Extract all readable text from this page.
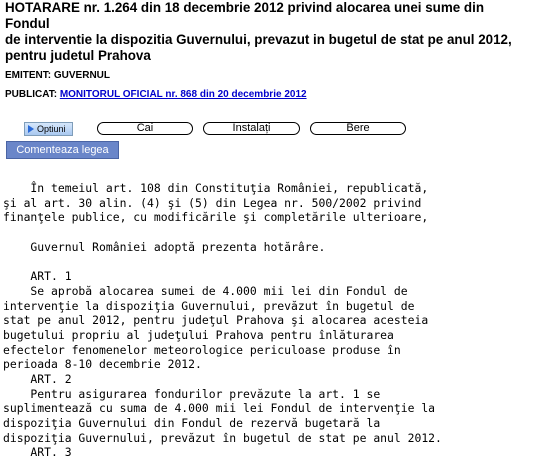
HOTARARE nr. 1.264 din 18 decembrie 2012 privind alocarea unei sume din Fondul
de interventie la dispozitia Guvernului, prevazut in bugetul de stat pe anul 2012,
pentru judetul Prahova
EMITENT: GUVERNUL
PUBLICAT: MONITORUL OFICIAL nr. 868 din 20 decembrie 2012
Optiuni	Cai	Instalați	Bere
Comenteaza legea
În temeiul art. 108 din Constituţia României, republicată,
şi al art. 30 alin. (4) şi (5) din Legea nr. 500/2002 privind
finanţele publice, cu modificările şi completările ulterioare,
Guvernul României adoptă prezenta hotărâre.
ART. 1
Se aprobă alocarea sumei de 4.000 mii lei din Fondul de
intervenţie la dispoziţia Guvernului, prevăzut în bugetul de
stat pe anul 2012, pentru judeţul Prahova şi alocarea acesteia
bugetului propriu al judeţului Prahova pentru înlăturarea
efectelor fenomenelor meteorologice periculoase produse în
perioada 8-10 decembrie 2012.
ART. 2
Pentru asigurarea fondurilor prevăzute la art. 1 se
suplimentează cu suma de 4.000 mii lei Fondul de intervenţie la
dispoziţia Guvernului din Fondul de rezervă bugetară la
dispoziţia Guvernului, prevăzut în bugetul de stat pe anul 2012.
ART. 3
